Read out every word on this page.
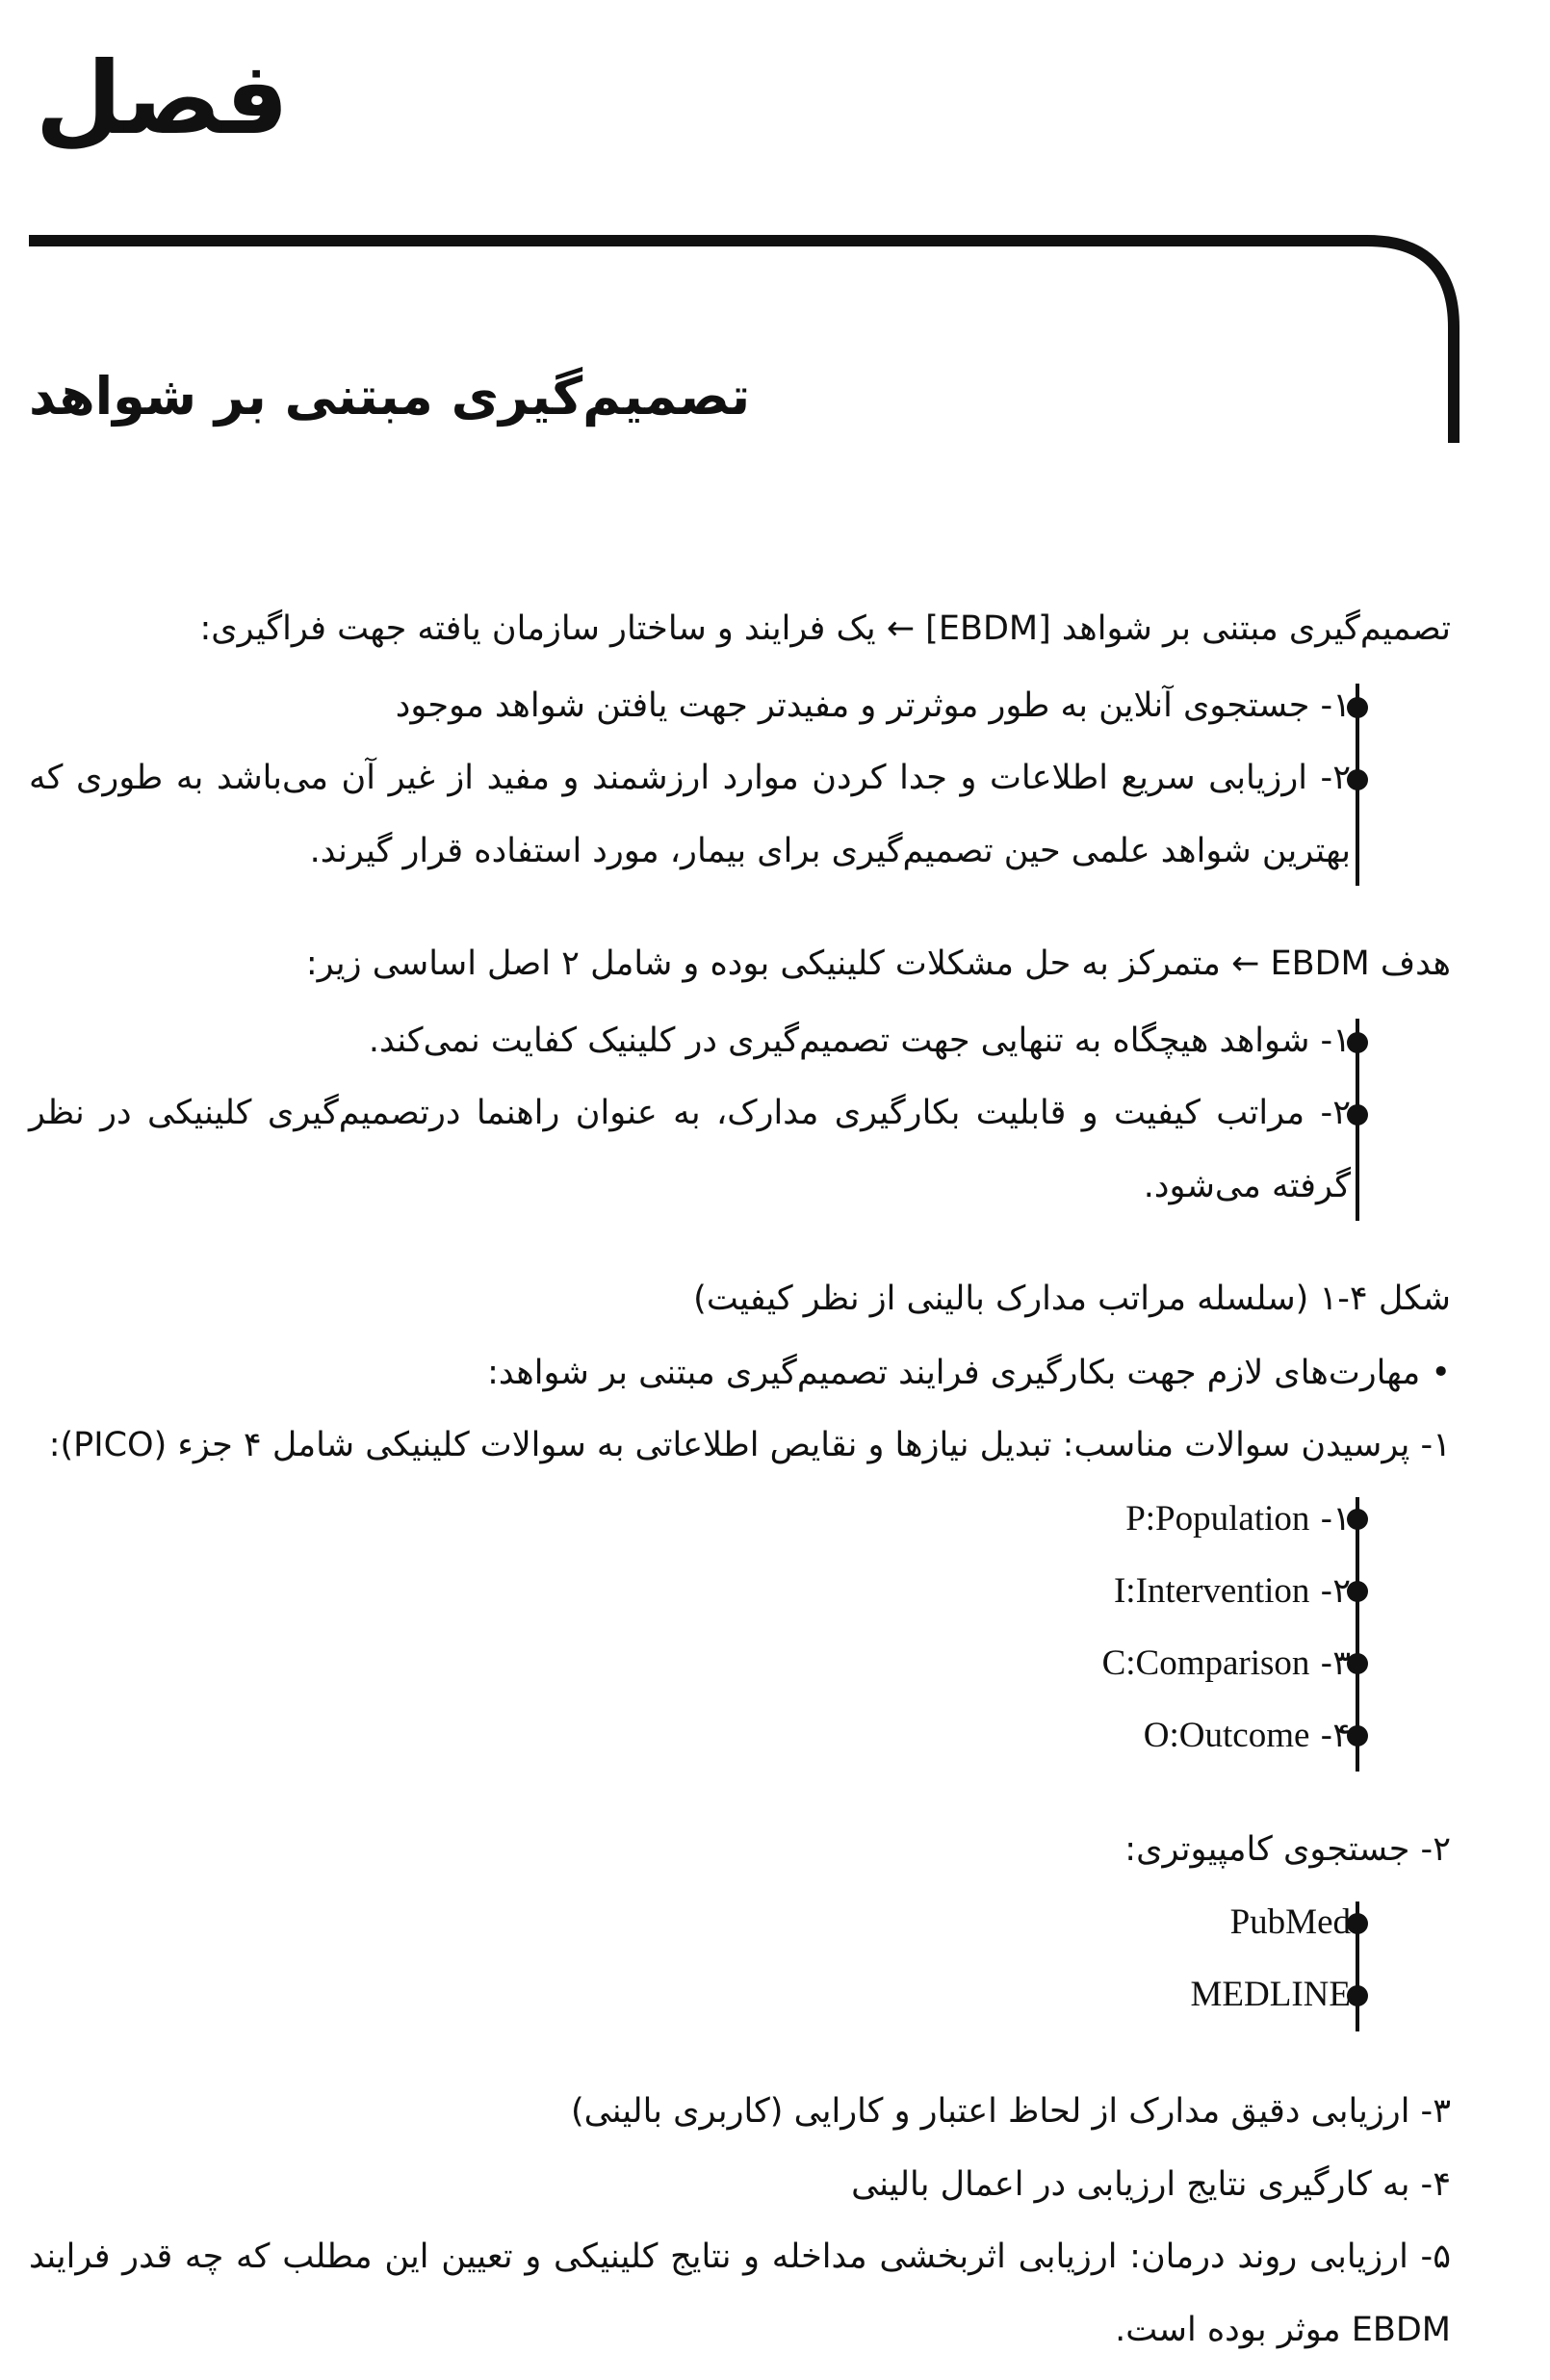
فصل
تصمیم‌گیری مبتنی بر شواهد
تصمیم‌گیری مبتنی بر شواهد [EBDM] ← یک فرایند و ساختار سازمان یافته جهت فراگیری:
۱- جستجوی آنلاین به طور موثرتر و مفیدتر جهت یافتن شواهد موجود
۲- ارزیابی سریع اطلاعات و جدا کردن موارد ارزشمند و مفید از غیر آن می‌باشد به طوری که بهترین شواهد علمی حین تصمیم‌گیری برای بیمار، مورد استفاده قرار گیرند.
هدف EBDM ← متمرکز به حل مشکلات کلینیکی بوده و شامل ۲ اصل اساسی زیر:
۱- شواهد هیچگاه به تنهایی جهت تصمیم‌گیری در کلینیک کفایت نمی‌کند.
۲- مراتب کیفیت و قابلیت بکارگیری مدارک، به عنوان راهنما درتصمیم‌گیری کلینیکی در نظر گرفته می‌شود.
شکل ۴-۱ (سلسله مراتب مدارک بالینی از نظر کیفیت)
• مهارت‌های لازم جهت بکارگیری فرایند تصمیم‌گیری مبتنی بر شواهد:
۱- پرسیدن سوالات مناسب: تبدیل نیازها و نقایص اطلاعاتی به سوالات کلینیکی شامل ۴ جزء (PICO):
۱- P:Population
۲- I:Intervention
۳- C:Comparison
۴- O:Outcome
۲- جستجوی کامپیوتری:
PubMed
MEDLINE
۳- ارزیابی دقیق مدارک از لحاظ اعتبار و کارایی (کاربری بالینی)
۴- به کارگیری نتایج ارزیابی در اعمال بالینی
۵- ارزیابی روند درمان: ارزیابی اثربخشی مداخله و نتایج کلینیکی و تعیین این مطلب که چه قدر فرایند EBDM موثر بوده است.
